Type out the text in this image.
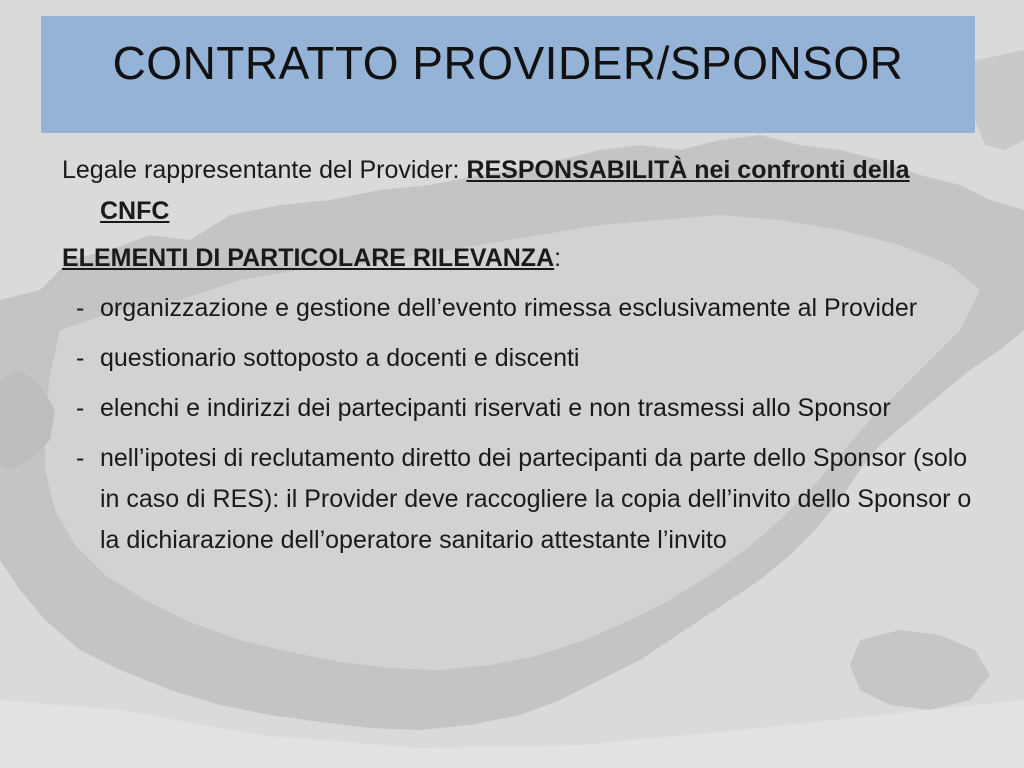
CONTRATTO PROVIDER/SPONSOR
Legale rappresentante del Provider: RESPONSABILITÀ nei confronti della CNFC
ELEMENTI DI PARTICOLARE RILEVANZA:
- organizzazione e gestione dell’evento rimessa esclusivamente al Provider
- questionario sottoposto a docenti e discenti
- elenchi e indirizzi dei partecipanti riservati e non trasmessi allo Sponsor
- nell’ipotesi di reclutamento diretto dei partecipanti da parte dello Sponsor (solo in caso di RES): il Provider deve raccogliere la copia dell’invito dello Sponsor o la dichiarazione dell’operatore sanitario attestante l’invito
